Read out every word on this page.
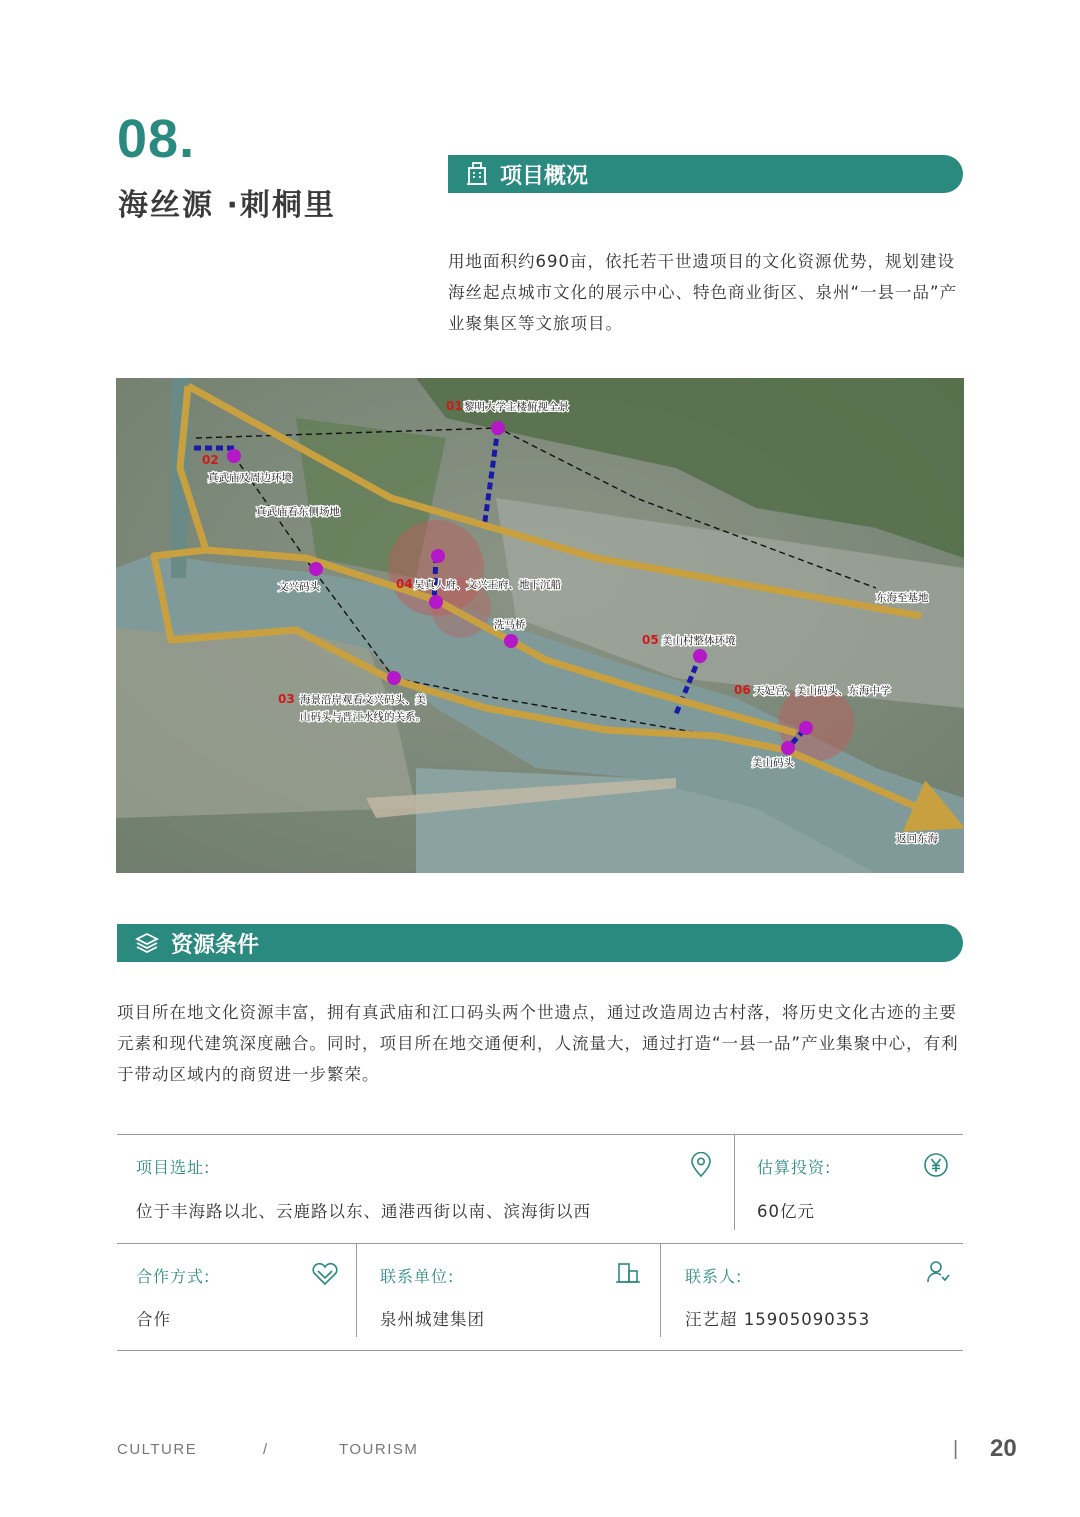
08.
海丝源 ·刺桐里
项目概况
用地面积约690亩，依托若干世遗项目的文化资源优势，规划建设海丝起点城市文化的展示中心、特色商业街区、泉州“一县一品”产业聚集区等文旅项目。
01 黎明大学主楼俯视全景
02
真武庙及周边环境
真武庙看东侧场地
文兴码头	04 吴真人府、文兴王府、地下沉船
洗马桥
05 美山村整体环境
06 天妃宫、美山码头、东海中学
03 海景沿岸观看文兴码头、美
山码头与晋江水线的关系。
美山码头
东海至基地
返回东海
资源条件
项目所在地文化资源丰富，拥有真武庙和江口码头两个世遗点，通过改造周边古村落，将历史文化古迹的主要元素和现代建筑深度融合。同时，项目所在地交通便利，人流量大，通过打造“一县一品”产业集聚中心，有利于带动区域内的商贸进一步繁荣。
项目选址:
位于丰海路以北、云鹿路以东、通港西街以南、滨海街以西
估算投资:
60亿元
合作方式:
合作
联系单位:
泉州城建集团
联系人:
汪艺超 15905090353
CULTURE	/	TOURISM	| 20
